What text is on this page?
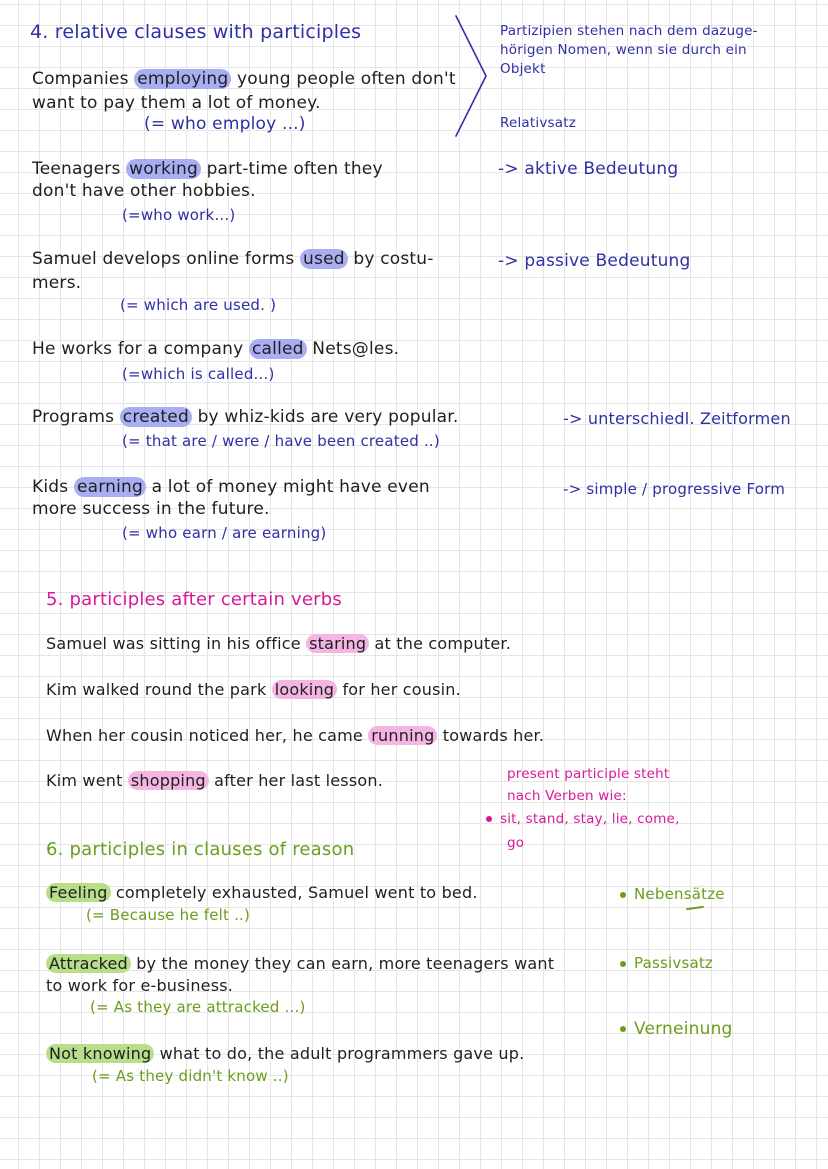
4. relative clauses with participles	Partizipien stehen nach dem dazuge-
hörigen Nomen, wenn sie durch ein
Objekt
Relativsatz
Companies employing young people often don't
want to pay them a lot of money.
(= who employ ...)
Teenagers working part-time often they	-> aktive Bedeutung
don't have other hobbies.
(=who work...)
Samuel develops online forms used by costu-	-> passive Bedeutung
mers.
(= which are used. )
He works for a company called Nets@les.
(=which is called...)
Programs created by whiz-kids are very popular.	-> unterschiedl. Zeitformen
(= that are / were / have been created ..)
Kids earning a lot of money might have even	-> simple / progressive Form
more success in the future.
(= who earn / are earning)
5. participles after certain verbs
Samuel was sitting in his office staring at the computer.
Kim walked round the park looking for her cousin.
When her cousin noticed her, he came running towards her.
Kim went shopping after her last lesson.	present participle steht
nach Verben wie:
sit, stand, stay, lie, come,
go
6. participles in clauses of reason
Feeling completely exhausted, Samuel went to bed.
(= Because he felt ..)
Attracked by the money they can earn, more teenagers want
to work for e-business.
(= As they are attracked ...)
Not knowing what to do, the adult programmers gave up.
(= As they didn't know ..)
Nebensätze
Passivsatz
Verneinung
